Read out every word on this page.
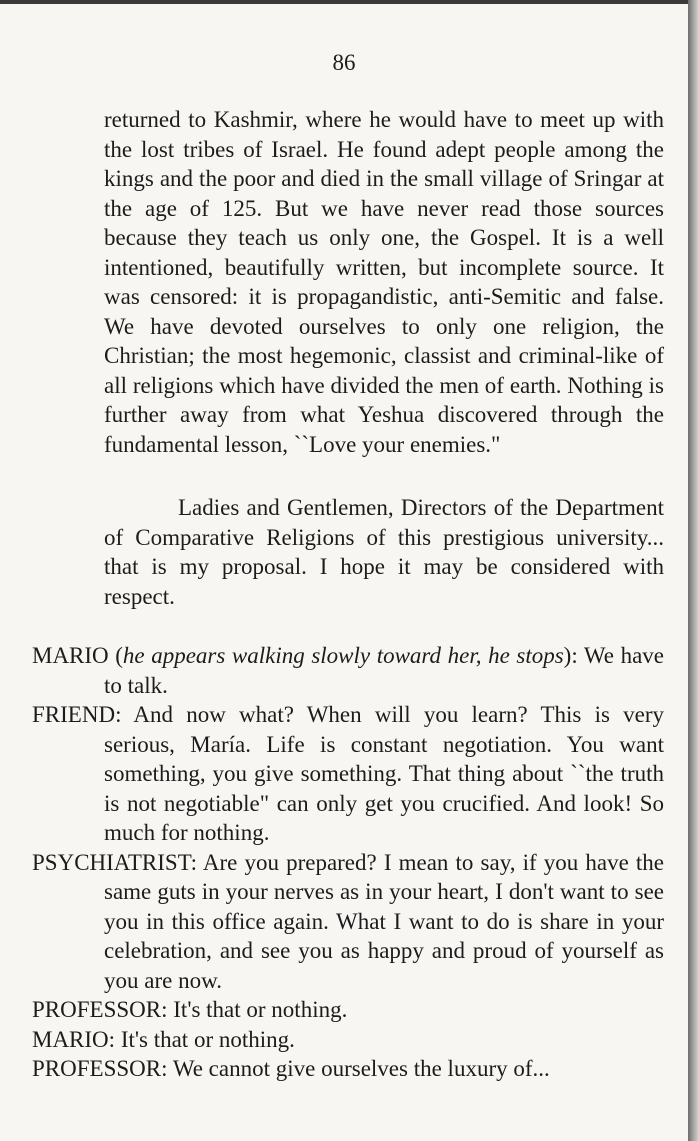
86

returned to Kashmir, where he would have to meet up with the lost tribes of Israel. He found adept people among the kings and the poor and died in the small village of Sringar at the age of 125. But we have never read those sources because they teach us only one, the Gospel. It is a well intentioned, beautifully written, but incomplete source. It was censored: it is propagandistic, anti-Semitic and false. We have devoted ourselves to only one religion, the Christian; the most hegemonic, classist and criminal-like of all religions which have divided the men of earth. Nothing is further away from what Yeshua discovered through the fundamental lesson, ``Love your enemies."

Ladies and Gentlemen, Directors of the Department of Comparative Religions of this prestigious university... that is my proposal. I hope it may be considered with respect.

MARIO (he appears walking slowly toward her, he stops): We have to talk.

FRIEND: And now what? When will you learn? This is very serious, María. Life is constant negotiation. You want something, you give something. That thing about ``the truth is not negotiable" can only get you crucified. And look! So much for nothing.

PSYCHIATRIST: Are you prepared? I mean to say, if you have the same guts in your nerves as in your heart, I don't want to see you in this office again. What I want to do is share in your celebration, and see you as happy and proud of yourself as you are now.

PROFESSOR: It's that or nothing.

MARIO: It's that or nothing.

PROFESSOR: We cannot give ourselves the luxury of...
